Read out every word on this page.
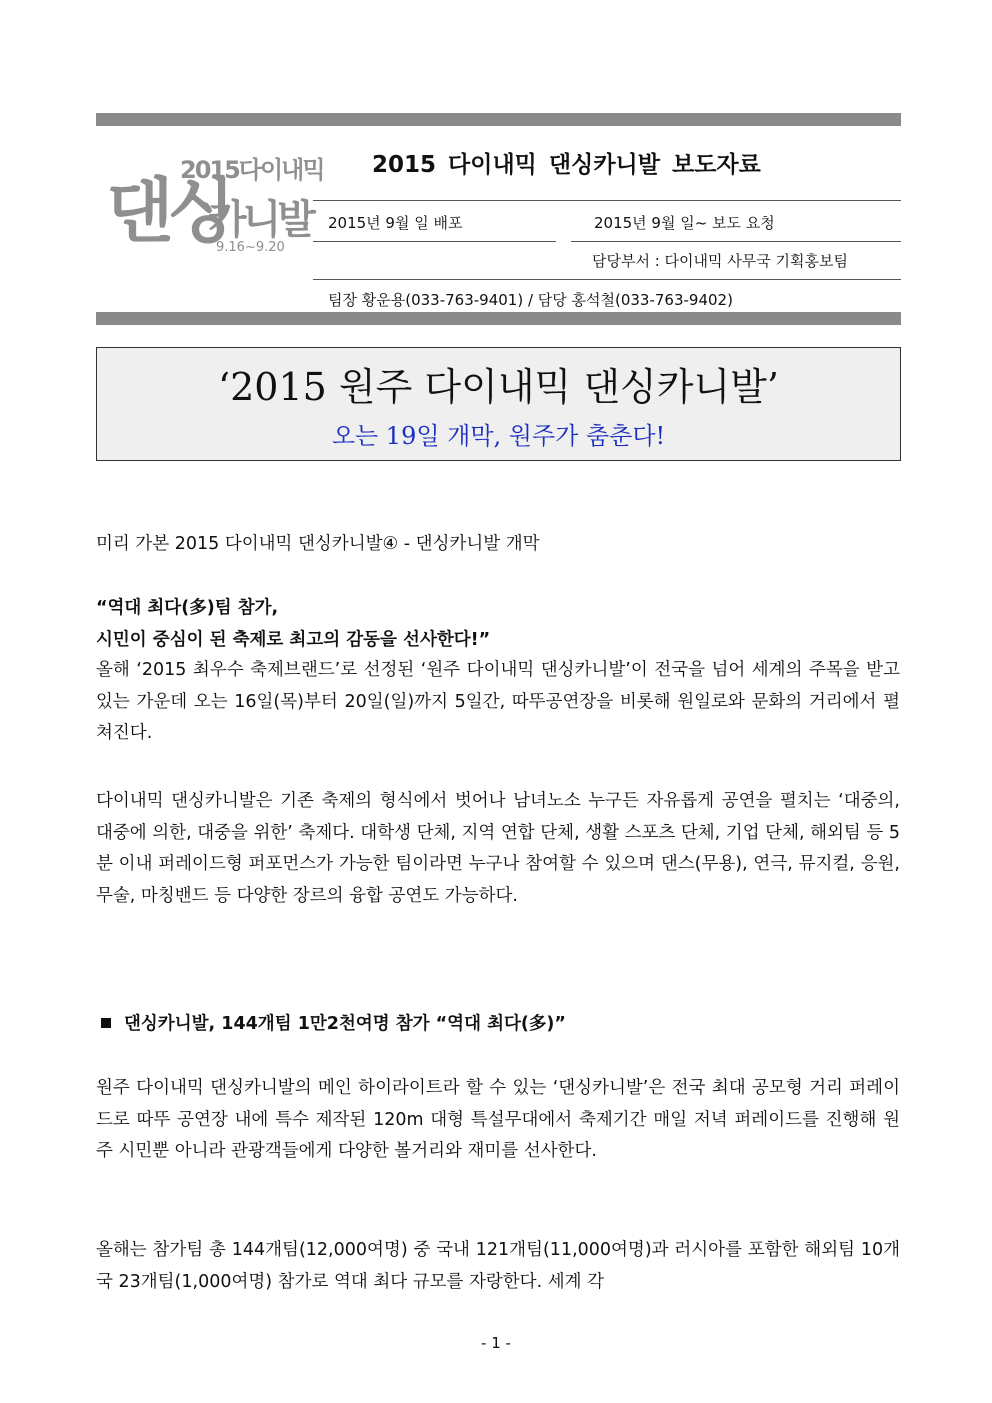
2015다이내믹
댄싱
카니발
9.16~9.20
2015 다이내믹 댄싱카니발 보도자료
2015년 9월 일 배포	2015년 9월 일~ 보도 요청
담당부서 : 다이내믹 사무국 기획홍보팀
팀장 황운용(033-763-9401) / 담당 홍석철(033-763-9402)
‘2015 원주 다이내믹 댄싱카니발’
오는 19일 개막, 원주가 춤춘다!
미리 가본 2015 다이내믹 댄싱카니발④ - 댄싱카니발 개막
“역대 최다(多)팀 참가,
시민이 중심이 된 축제로 최고의 감동을 선사한다!”
올해 ‘2015 최우수 축제브랜드’로 선정된 ‘원주 다이내믹 댄싱카니발’이 전국을 넘어 세계의 주목을 받고 있는 가운데 오는 16일(목)부터 20일(일)까지 5일간, 따뚜공연장을 비롯해 원일로와 문화의 거리에서 펼쳐진다.
다이내믹 댄싱카니발은 기존 축제의 형식에서 벗어나 남녀노소 누구든 자유롭게 공연을 펼치는 ‘대중의, 대중에 의한, 대중을 위한’ 축제다. 대학생 단체, 지역 연합 단체, 생활 스포츠 단체, 기업 단체, 해외팀 등 5분 이내 퍼레이드형 퍼포먼스가 가능한 팀이라면 누구나 참여할 수 있으며 댄스(무용), 연극, 뮤지컬, 응원, 무술, 마칭밴드 등 다양한 장르의 융합 공연도 가능하다.
댄싱카니발, 144개팀 1만2천여명 참가 “역대 최다(多)”
원주 다이내믹 댄싱카니발의 메인 하이라이트라 할 수 있는 ‘댄싱카니발’은 전국 최대 공모형 거리 퍼레이드로 따뚜 공연장 내에 특수 제작된 120m 대형 특설무대에서 축제기간 매일 저녁 퍼레이드를 진행해 원주 시민뿐 아니라 관광객들에게 다양한 볼거리와 재미를 선사한다.
올해는 참가팀 총 144개팀(12,000여명) 중 국내 121개팀(11,000여명)과 러시아를 포함한 해외팀 10개국 23개팀(1,000여명) 참가로 역대 최다 규모를 자랑한다. 세계 각
- 1 -
